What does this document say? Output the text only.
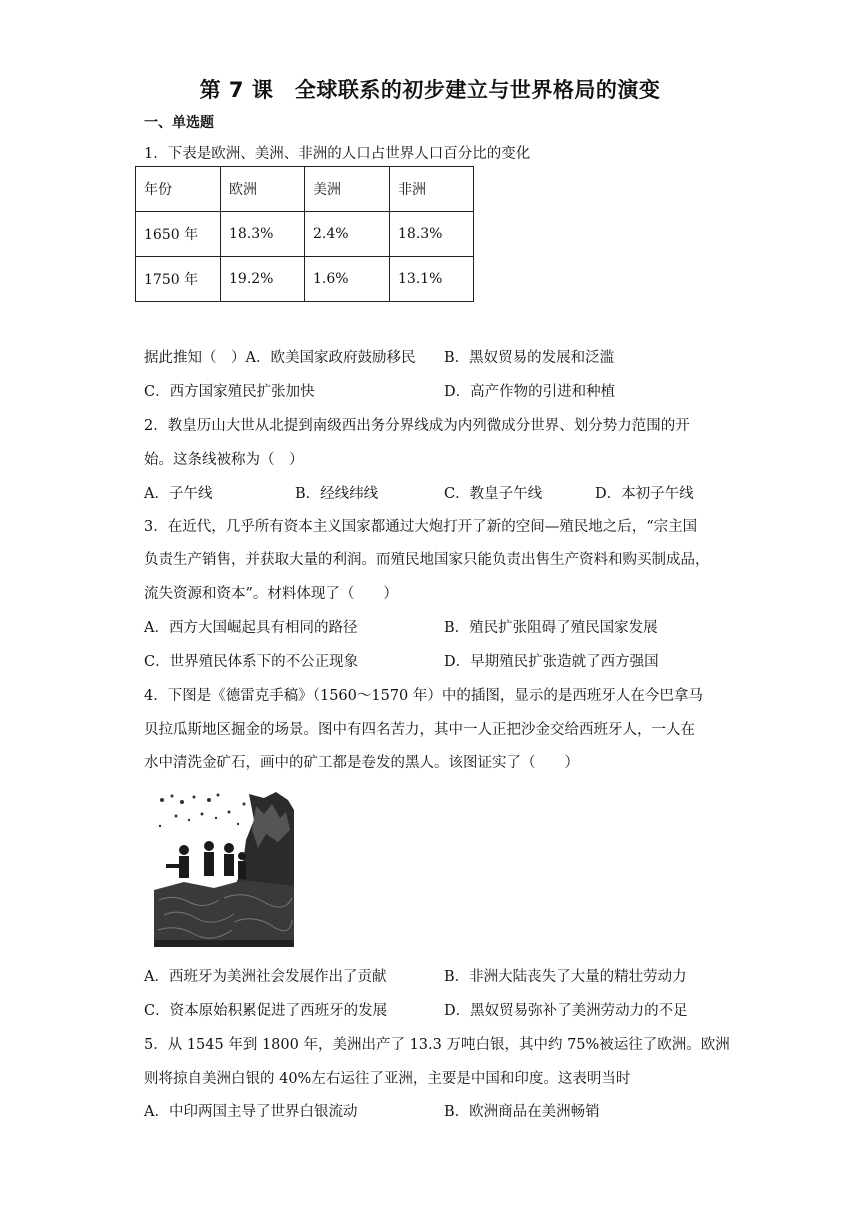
第 7 课　全球联系的初步建立与世界格局的演变
一、单选题
1．下表是欧洲、美洲、非洲的人口占世界人口百分比的变化
年份	欧洲	美洲	非洲
1650 年	18.3%	2.4%	18.3%
1750 年	19.2%	1.6%	13.1%
据此推知（　）A．欧美国家政府鼓励移民 B．黑奴贸易的发展和泛滥
C．西方国家殖民扩张加快	D．高产作物的引进和种植
2．教皇历山大世从北提到南级西出务分界线成为内列微成分世界、划分势力范围的开
始。这条线被称为（　）
A．子午线	B．经线纬线	C．教皇子午线	D．本初子午线
3．在近代，几乎所有资本主义国家都通过大炮打开了新的空间—殖民地之后，“宗主国
负责生产销售，并获取大量的利润。而殖民地国家只能负责出售生产资料和购买制成品，
流失资源和资本”。材料体现了（　　）
A．西方大国崛起具有相同的路径	B．殖民扩张阻碍了殖民国家发展
C．世界殖民体系下的不公正现象	D．早期殖民扩张造就了西方强国
4．下图是《德雷克手稿》（1560～1570 年）中的插图，显示的是西班牙人在今巴拿马
贝拉瓜斯地区掘金的场景。图中有四名苦力，其中一人正把沙金交给西班牙人，一人在
水中清洗金矿石，画中的矿工都是卷发的黑人。该图证实了（　　）
A．西班牙为美洲社会发展作出了贡献	B．非洲大陆丧失了大量的精壮劳动力
C．资本原始积累促进了西班牙的发展	D．黑奴贸易弥补了美洲劳动力的不足
5．从 1545 年到 1800 年，美洲出产了 13.3 万吨白银，其中约 75%被运往了欧洲。欧洲
则将掠自美洲白银的 40%左右运往了亚洲，主要是中国和印度。这表明当时
A．中印两国主导了世界白银流动	B．欧洲商品在美洲畅销
